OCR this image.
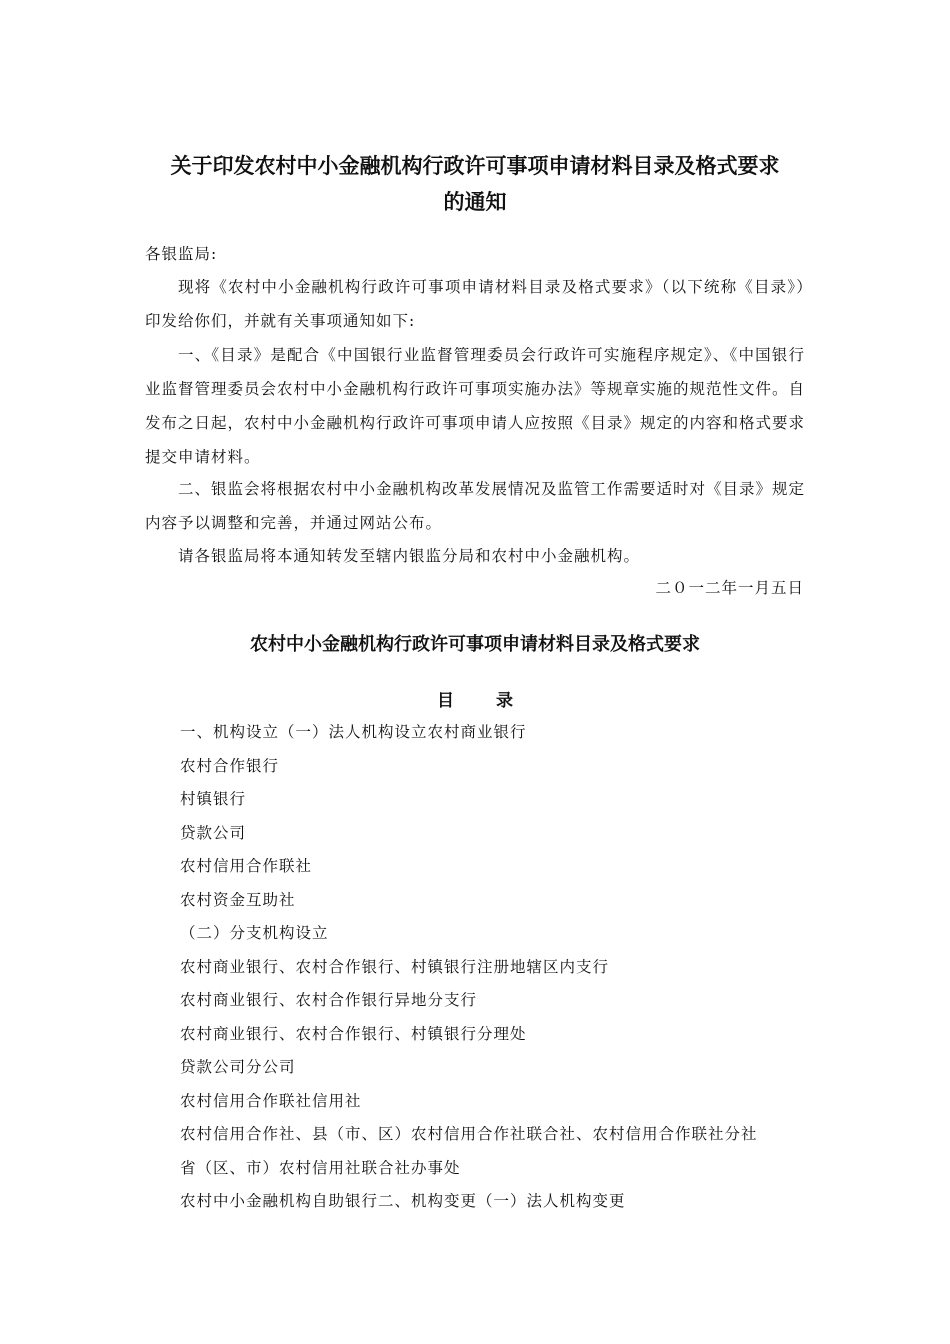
关于印发农村中小金融机构行政许可事项申请材料目录及格式要求
的通知

各银监局:

现将《农村中小金融机构行政许可事项申请材料目录及格式要求》（以下统称《目录》）印发给你们，并就有关事项通知如下:

一、《目录》是配合《中国银行业监督管理委员会行政许可实施程序规定》、《中国银行业监督管理委员会农村中小金融机构行政许可事项实施办法》等规章实施的规范性文件。自发布之日起，农村中小金融机构行政许可事项申请人应按照《目录》规定的内容和格式要求提交申请材料。

二、银监会将根据农村中小金融机构改革发展情况及监管工作需要适时对《目录》规定内容予以调整和完善，并通过网站公布。

请各银监局将本通知转发至辖内银监分局和农村中小金融机构。

二０一二年一月五日
农村中小金融机构行政许可事项申请材料目录及格式要求
目 录
一、机构设立（一）法人机构设立农村商业银行
农村合作银行
村镇银行
贷款公司
农村信用合作联社
农村资金互助社
（二）分支机构设立
农村商业银行、农村合作银行、村镇银行注册地辖区内支行
农村商业银行、农村合作银行异地分支行
农村商业银行、农村合作银行、村镇银行分理处
贷款公司分公司
农村信用合作联社信用社
农村信用合作社、县（市、区）农村信用合作社联合社、农村信用合作联社分社
省（区、市）农村信用社联合社办事处
农村中小金融机构自助银行二、机构变更（一）法人机构变更
